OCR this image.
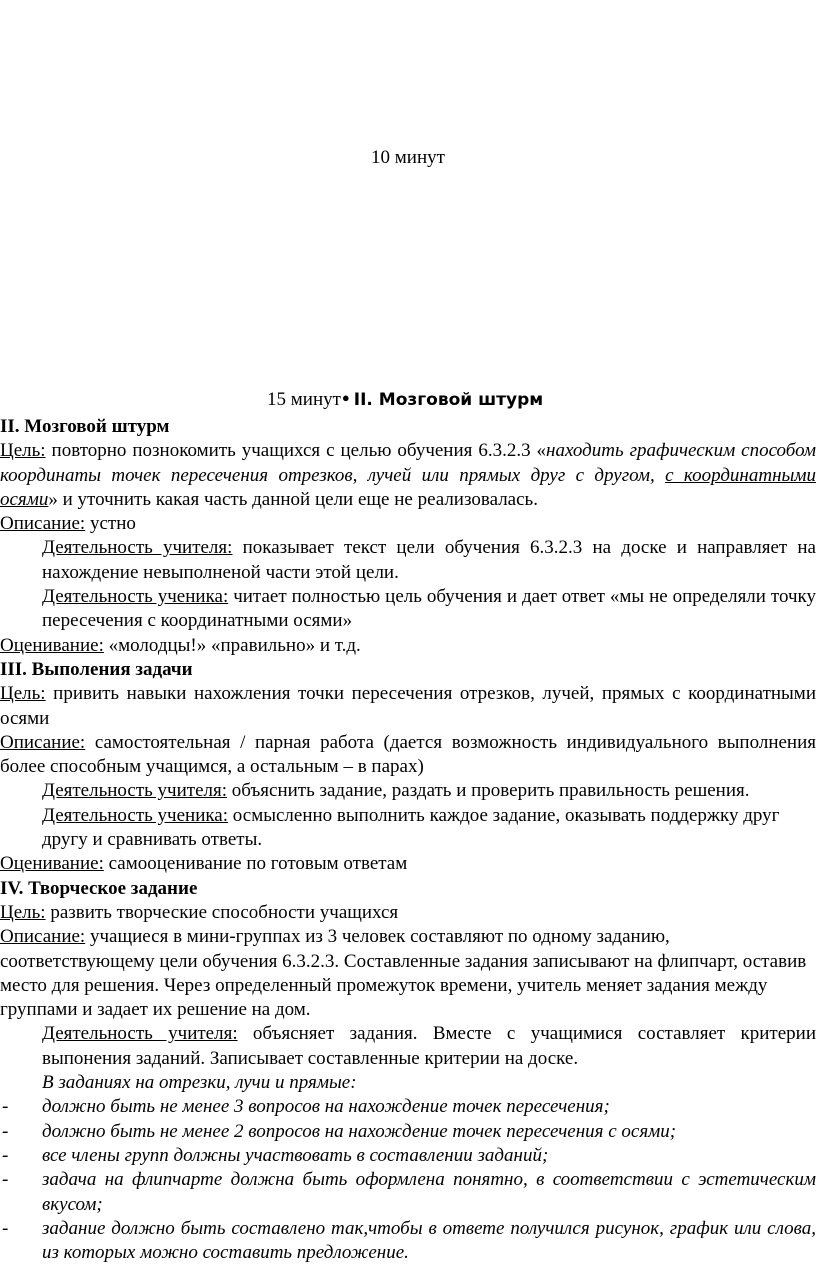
10 минут
15 минут● II. Мозговой штурм

II. Мозговой штурм

Цель: повторно познокомить учащихся с целью обучения 6.3.2.3 «находить графическим способом координаты точек пересечения отрезков, лучей или прямых друг с другом, с координатными осями» и уточнить какая часть данной цели еще не реализовалась.

Описание: устно

Деятельность учителя: показывает текст цели обучения 6.3.2.3 на доске и направляет на нахождение невыполненой части этой цели.

Деятельность ученика: читает полностью цель обучения и дает ответ «мы не определяли точку пересечения с координатными осями»

Оценивание: «молодцы!» «правильно» и т.д.

III. Выполения задачи

Цель: привить навыки нахожления точки пересечения отрезков, лучей, прямых с координатными осями

Описание: самостоятельная / парная работа (дается возможность индивидуального выполнения более способным учащимся, а остальным – в парах)

Деятельность учителя: объяснить задание, раздать и проверить правильность решения.

Деятельность ученика: осмысленно выполнить каждое задание, оказывать поддержку друг другу и сравнивать ответы.

Оценивание: самооценивание по готовым ответам

IV. Творческое задание

Цель: развить творческие способности учащихся

Описание: учащиеся в мини-группах из 3 человек составляют по одному заданию, соответствующему цели обучения 6.3.2.3. Составленные задания записывают на флипчарт, оставив место для решения. Через определенный промежуток времени, учитель меняет задания между группами и задает их решение на дом.

Деятельность учителя: объясняет задания. Вместе с учащимися составляет критерии выпонения заданий. Записывает составленные критерии на доске.

В заданиях на отрезки, лучи и прямые:

-	должно быть не менее 3 вопросов на нахождение точек пересечения;
-	должно быть не менее 2 вопросов на нахождение точек пересечения с осями;
-	все члены групп должны участвовать в составлении заданий;
-	задача на флипчарте должна быть оформлена понятно, в соответствии с эстетическим вкусом;
-	задание должно быть составлено так,чтобы в ответе получился рисунок, график или слова, из которых можно составить предложение.
